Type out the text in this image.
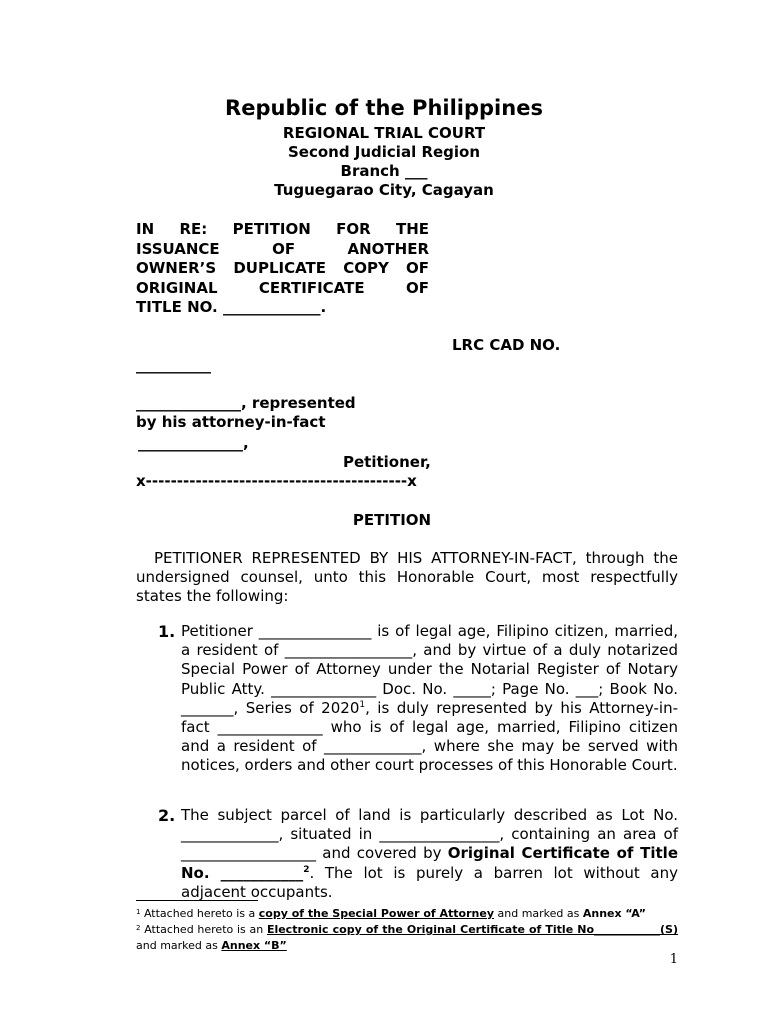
Republic of the Philippines
REGIONAL TRIAL COURT
Second Judicial Region
Branch ___
Tuguegarao City, Cagayan
IN RE: PETITION FOR THE
ISSUANCE OF ANOTHER
OWNER’S DUPLICATE COPY OF
ORIGINAL CERTIFICATE OF
TITLE NO. _____________.
LRC CAD NO.
__________
______________, represented
by his attorney-in-fact
______________,
Petitioner,
x------------------------------------------x
PETITION
PETITIONER REPRESENTED BY HIS ATTORNEY-IN-FACT, through the undersigned counsel, unto this Honorable Court, most respectfully states the following:
1. Petitioner _______________ is of legal age, Filipino citizen, married, a resident of _________________, and by virtue of a duly notarized Special Power of Attorney under the Notarial Register of Notary Public Atty. ______________ Doc. No. _____; Page No. ___; Book No. _______, Series of 2020$^1$, is duly represented by his Attorney-in-fact ______________ who is of legal age, married, Filipino citizen and a resident of _____________, where she may be served with notices, orders and other court processes of this Honorable Court.
2. The subject parcel of land is particularly described as Lot No. _____________, situated in ________________, containing an area of __________________ and covered by Original Certificate of Title No. ___________$^2$. The lot is purely a barren lot without any adjacent occupants.
$^1$ Attached hereto is a copy of the Special Power of Attorney and marked as Annex “A”
$^2$ Attached hereto is an Electronic copy of the Original Certificate of Title No____________(S) and marked as Annex “B”
1
